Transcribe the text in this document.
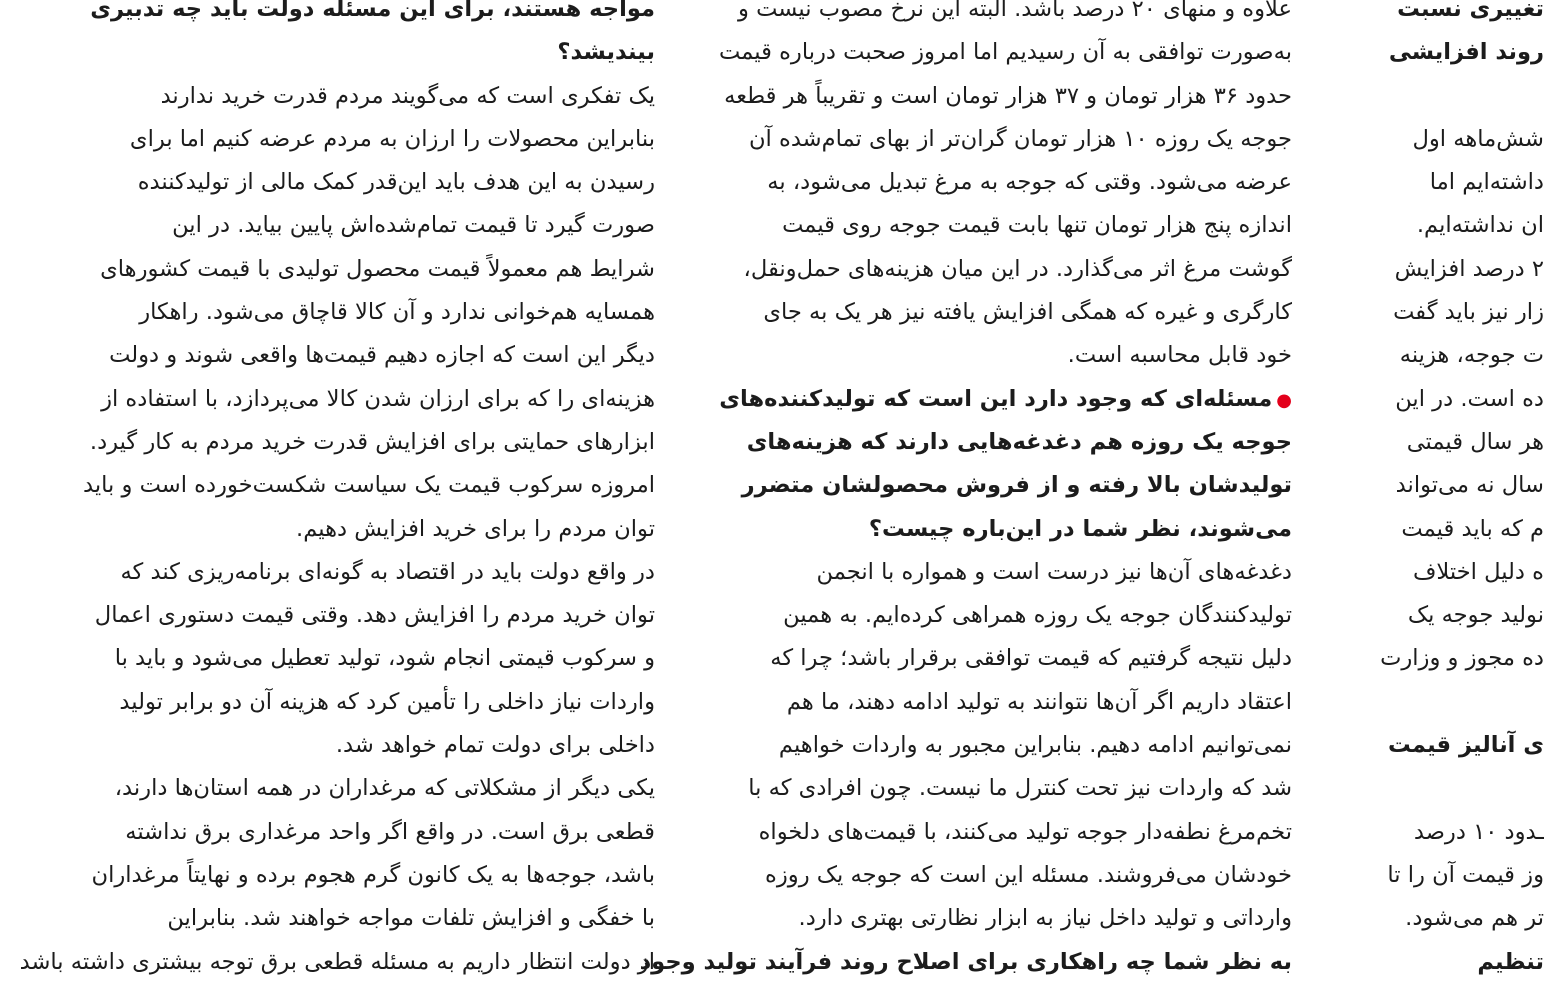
مواجه هستند، برای این مسئله دولت باید چه تدبیری
بیندیشد؟
یک تفکری است که می‌گویند مردم قدرت خرید ندارند
بنابراین محصولات را ارزان به مردم عرضه کنیم اما برای
رسیدن به این هدف باید این‌قدر کمک مالی از تولیدکننده
صورت گیرد تا قیمت تمام‌شده‌اش پایین بیاید. در این
شرایط هم معمولاً قیمت محصول تولیدی با قیمت کشورهای
همسایه هم‌خوانی ندارد و آن کالا قاچاق می‌شود. راهکار
دیگر این است که اجازه دهیم قیمت‌ها واقعی شوند و دولت
هزینه‌ای را که برای ارزان شدن کالا می‌پردازد، با استفاده از
ابزارهای حمایتی برای افزایش قدرت خرید مردم به کار گیرد.
امروزه سرکوب قیمت یک سیاست شکست‌خورده است و باید
توان مردم را برای خرید افزایش دهیم.
در واقع دولت باید در اقتصاد به گونه‌ای برنامه‌ریزی کند که
توان خرید مردم را افزایش دهد. وقتی قیمت دستوری اعمال
و سرکوب قیمتی انجام شود، تولید تعطیل می‌شود و باید با
واردات نیاز داخلی را تأمین کرد که هزینه آن دو برابر تولید
داخلی برای دولت تمام خواهد شد.
یکی دیگر از مشکلاتی که مرغداران در همه استان‌ها دارند،
قطعی برق است. در واقع اگر واحد مرغداری برق نداشته
باشد، جوجه‌ها به یک کانون گرم هجوم برده و نهایتاً مرغداران
با خفگی و افزایش تلفات مواجه خواهند شد. بنابراین
از دولت انتظار داریم به مسئله قطعی برق توجه بیشتری داشته باشد
علاوه و منهای ۲۰ درصد باشد. البته این نرخ مصوب نیست و
به‌صورت توافقی به آن رسیدیم اما امروز صحبت درباره قیمت
حدود ۳۶ هزار تومان و ۳۷ هزار تومان است و تقریباً هر قطعه
جوجه یک روزه ۱۰ هزار تومان گران‌تر از بهای تمام‌شده آن
عرضه می‌شود. وقتی که جوجه به مرغ تبدیل می‌شود، به
اندازه پنج هزار تومان تنها بابت قیمت جوجه روی قیمت
گوشت مرغ اثر می‌گذارد. در این میان هزینه‌های حمل‌ونقل،
کارگری و غیره که همگی افزایش یافته نیز هر یک به جای
خود قابل محاسبه است.
●مسئله‌ای که وجود دارد این است که تولیدکننده‌های
جوجه یک روزه هم دغدغه‌هایی دارند که هزینه‌های
تولیدشان بالا رفته و از فروش محصولشان متضرر
می‌شوند، نظر شما در این‌باره چیست؟
دغدغه‌های آن‌ها نیز درست است و همواره با انجمن
تولیدکنندگان جوجه یک روزه همراهی کرده‌ایم. به همین
دلیل نتیجه گرفتیم که قیمت توافقی برقرار باشد؛ چرا که
اعتقاد داریم اگر آن‌ها نتوانند به تولید ادامه دهند، ما هم
نمی‌توانیم ادامه دهیم. بنابراین مجبور به واردات خواهیم
شد که واردات نیز تحت کنترل ما نیست. چون افرادی که با
تخم‌مرغ نطفه‌دار جوجه تولید می‌کنند، با قیمت‌های دلخواه
خودشان می‌فروشند. مسئله این است که جوجه یک روزه
وارداتی و تولید داخل نیاز به ابزار نظارتی بهتری دارد.
به نظر شما چه راهکاری برای اصلاح روند فرآیند تولید وجود
تغییری نسبت
روند افزایشی
شش‌ماهه اول
داشته‌ایم اما
ان نداشته‌ایم.
۲ درصد افزایش
زار نیز باید گفت
ت جوجه، هزینه
ده است. در این
هر سال قیمتی
سال نه می‌تواند
م که باید قیمت
ه دلیل اختلاف
نولید جوجه یک
ده مجوز و وزارت
ی آنالیز قیمت
ـدود ۱۰ درصد
وز قیمت آن را تا
تر هم می‌شود.
تنظیم
